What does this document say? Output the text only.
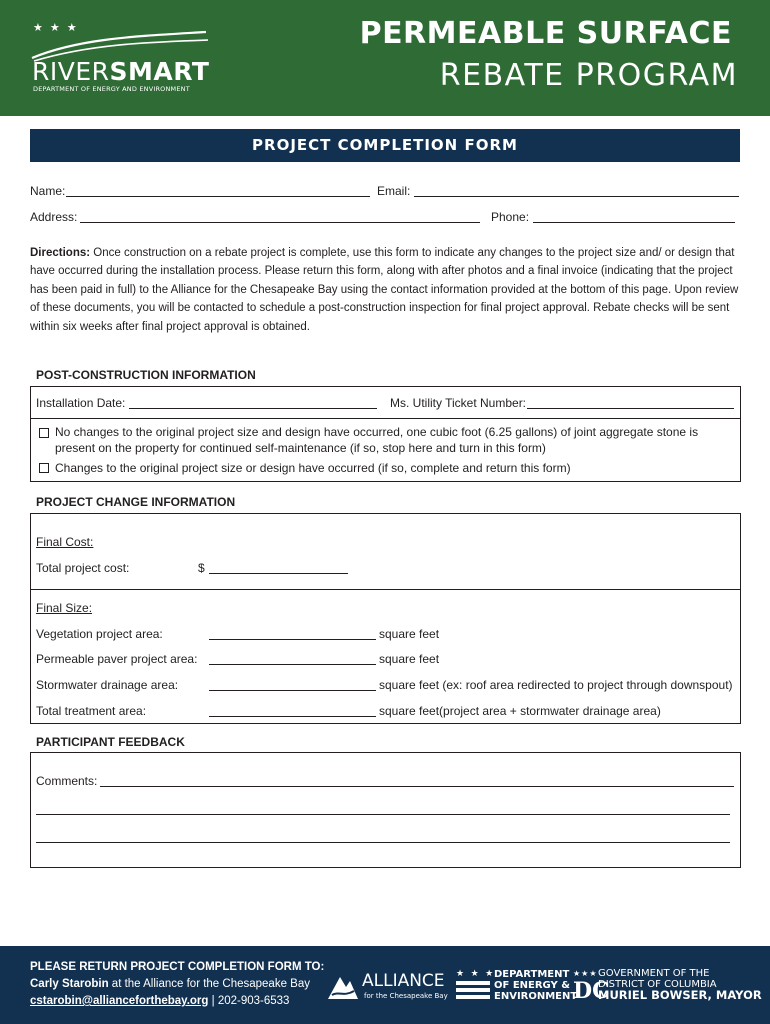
★ ★ ★
RIVERSMART
DEPARTMENT OF ENERGY AND ENVIRONMENT
PERMEABLE SURFACE
REBATE PROGRAM
PROJECT COMPLETION FORM
Name:	Email:
Address:	Phone:
Directions: Once construction on a rebate project is complete, use this form to indicate any changes to the project size and/ or design that have occurred during the installation process. Please return this form, along with after photos and a final invoice (indicating that the project has been paid in full) to the Alliance for the Chesapeake Bay using the contact information provided at the bottom of this page. Upon review of these documents, you will be contacted to schedule a post-construction inspection for final project approval. Rebate checks will be sent within six weeks after final project approval is obtained.
POST-CONSTRUCTION INFORMATION
Installation Date:	Ms. Utility Ticket Number:
No changes to the original project size and design have occurred, one cubic foot (6.25 gallons) of joint aggregate stone is
present on the property for continued self-maintenance (if so, stop here and turn in this form)
Changes to the original project size or design have occurred (if so, complete and return this form)
PROJECT CHANGE INFORMATION
Final Cost:
Total project cost:	$
Final Size:
Vegetation project area:	square feet
Permeable paver project area:	square feet
Stormwater drainage area:	square feet (ex: roof area redirected to project through downspout)
Total treatment area:	square feet(project area + stormwater drainage area)
PARTICIPANT FEEDBACK
Comments:
PLEASE RETURN PROJECT COMPLETION FORM TO:
Carly Starobin at the Alliance for the Chesapeake Bay
cstarobin@allianceforthebay.org | 202-903-6533
ALLIANCE
for the Chesapeake Bay
★ ★ ★
DEPARTMENT
OF ENERGY &
ENVIRONMENT
★★★
DC
GOVERNMENT OF THE
DISTRICT OF COLUMBIA
MURIEL BOWSER, MAYOR
